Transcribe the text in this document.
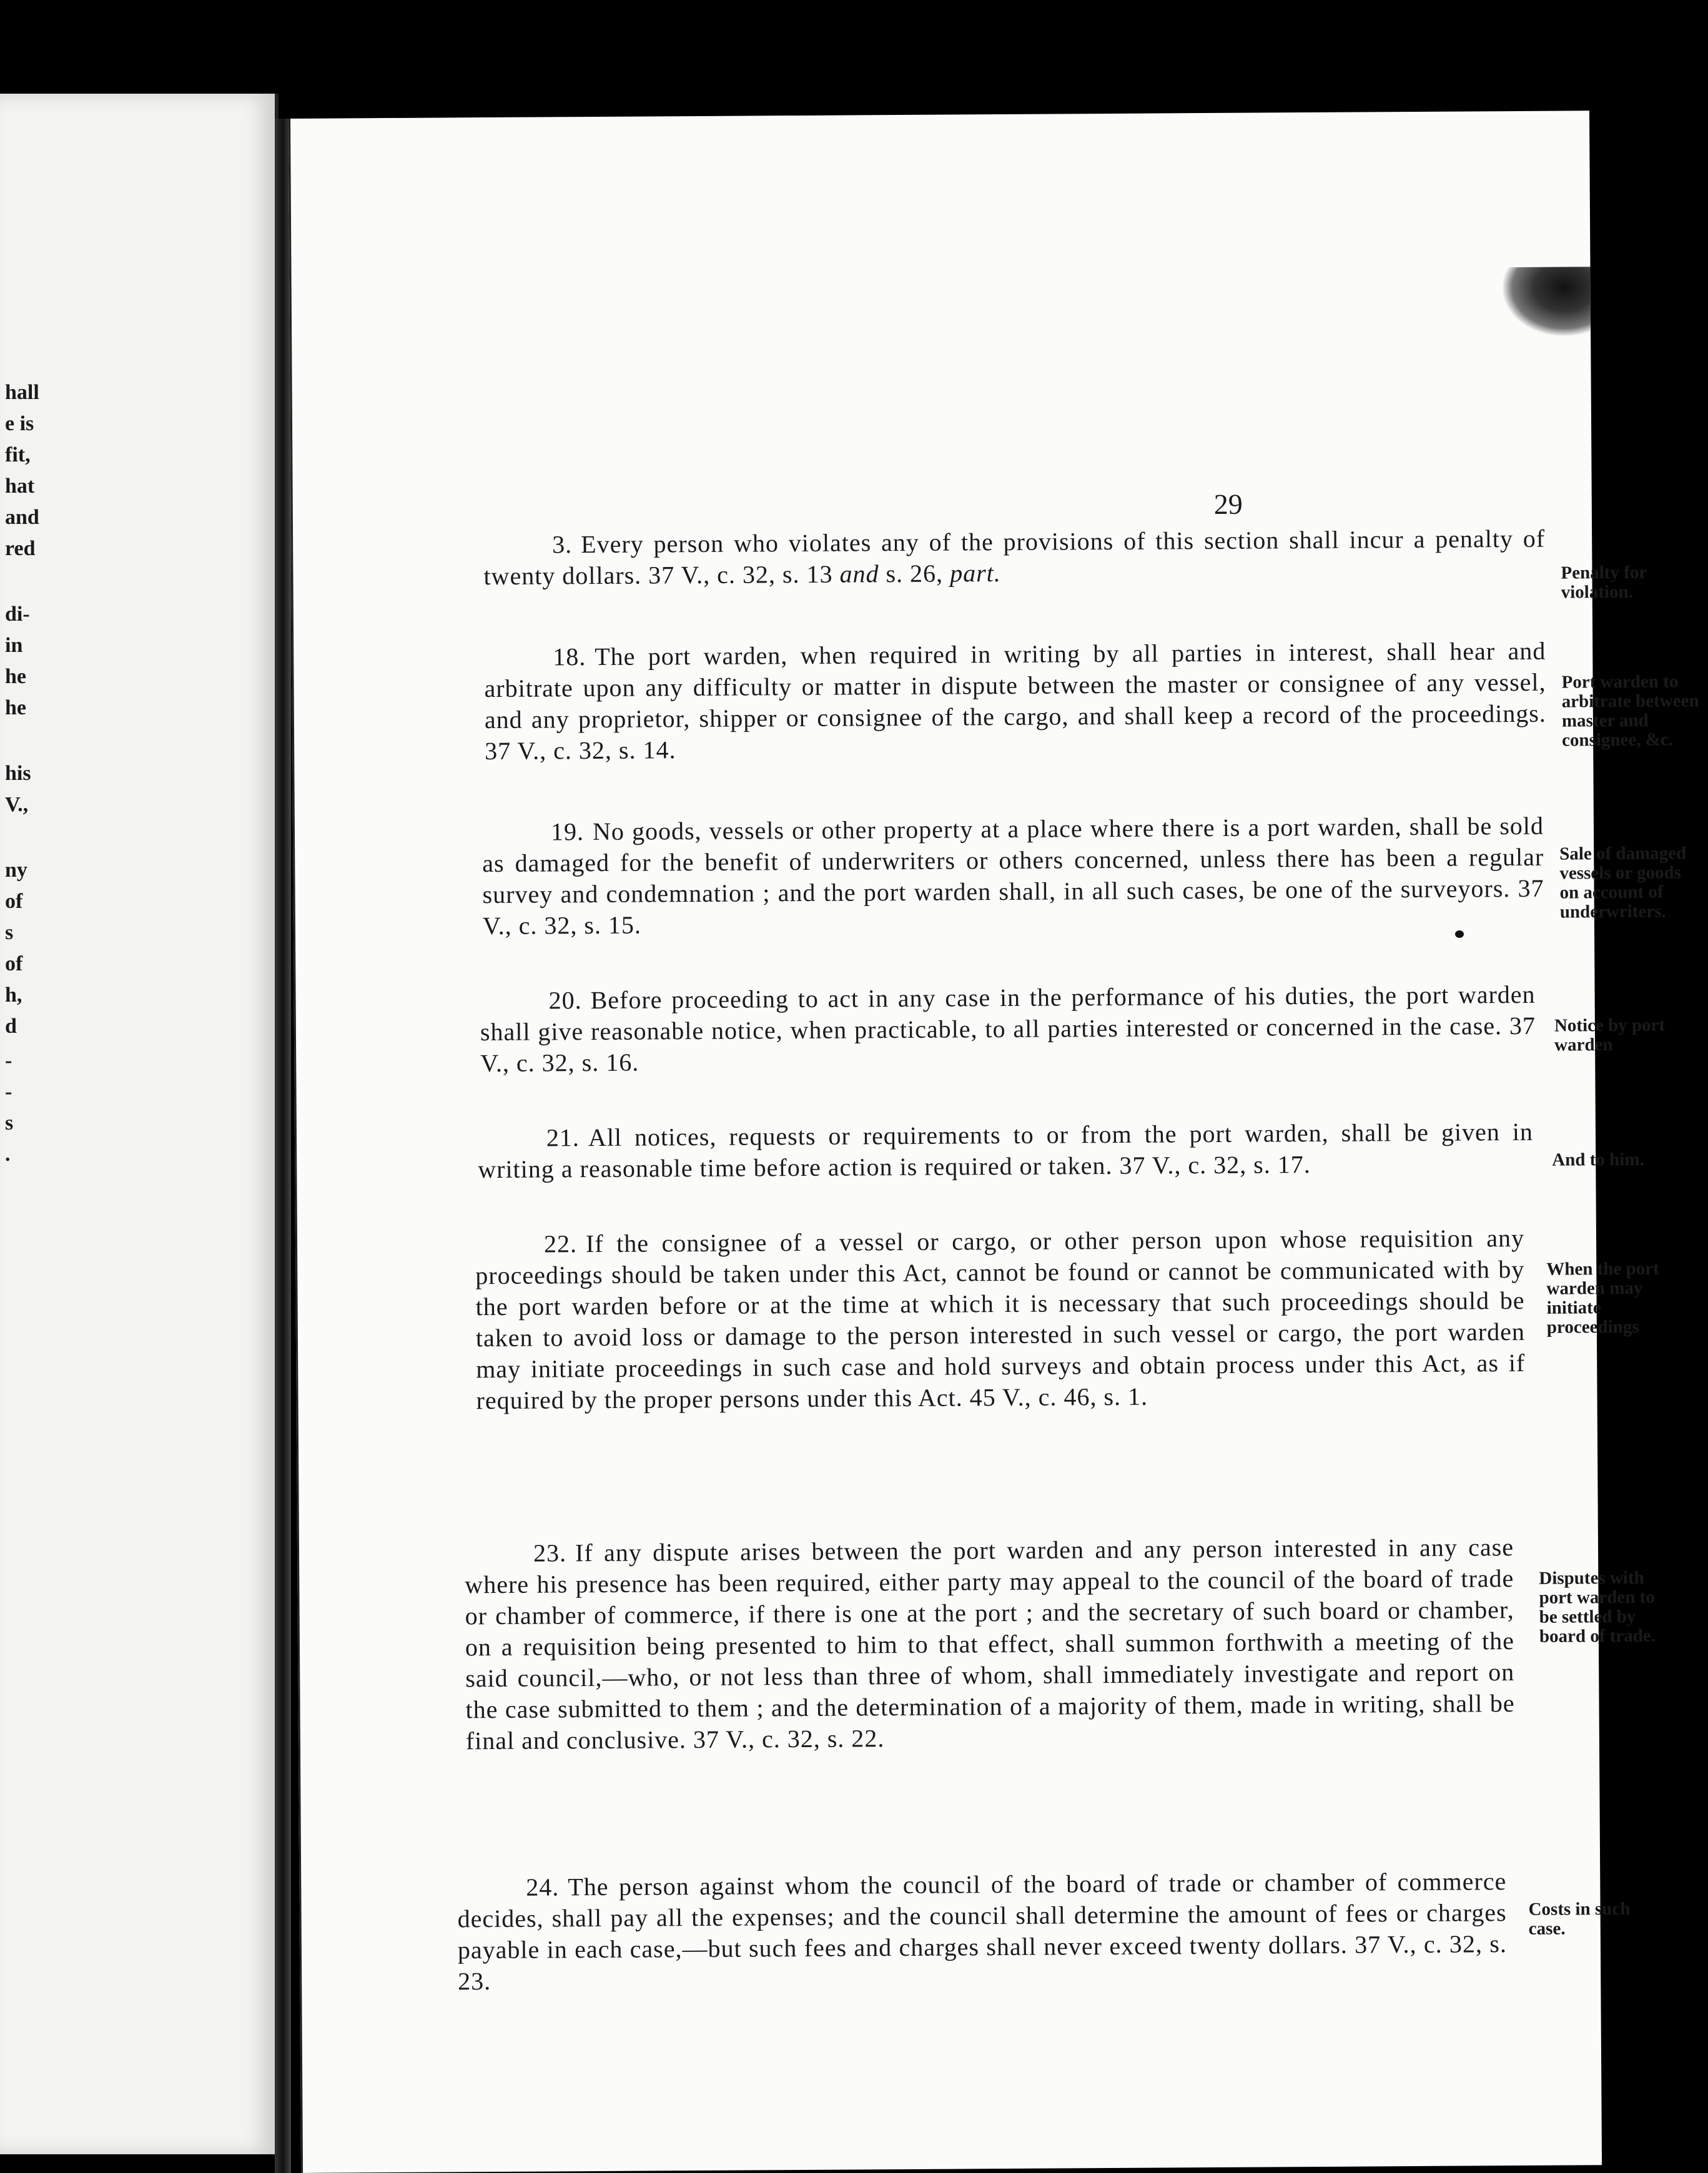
hall
e is
fit,
hat
and
red
di-
in
he
he
his
V.,
ny
of
s
of
h,
d
-
-
s
.
29
3. Every person who violates any of the provisions of this section shall incur a penalty of twenty dollars. 37 V., c. 32, s. 13 and s. 26, part.	Penalty for violation.
18. The port warden, when required in writing by all parties in interest, shall hear and arbitrate upon any difficulty or matter in dispute between the master or consignee of any vessel, and any proprietor, shipper or consignee of the cargo, and shall keep a record of the proceedings. 37 V., c. 32, s. 14.
Port warden to arbitrate between master and consignee, &c.
19. No goods, vessels or other property at a place where there is a port warden, shall be sold as damaged for the benefit of underwriters or others concerned, unless there has been a regular survey and condemnation ; and the port warden shall, in all such cases, be one of the surveyors. 37 V., c. 32, s. 15.
Sale of damaged vessels or goods on account of underwriters.
20. Before proceeding to act in any case in the performance of his duties, the port warden shall give reasonable notice, when practicable, to all parties interested or concerned in the case. 37 V., c. 32, s. 16.
Notice by port warden
21. All notices, requests or requirements to or from the port warden, shall be given in writing a reasonable time before action is required or taken. 37 V., c. 32, s. 17.	And to him.
22. If the consignee of a vessel or cargo, or other person upon whose requisition any proceedings should be taken under this Act, cannot be found or cannot be communicated with by the port warden before or at the time at which it is necessary that such proceedings should be taken to avoid loss or damage to the person interested in such vessel or cargo, the port warden may initiate proceedings in such case and hold surveys and obtain process under this Act, as if required by the proper persons under this Act. 45 V., c. 46, s. 1.
When the port warden may initiate proceedings
23. If any dispute arises between the port warden and any person interested in any case where his presence has been required, either party may appeal to the council of the board of trade or chamber of commerce, if there is one at the port ; and the secretary of such board or chamber, on a requisition being presented to him to that effect, shall summon forthwith a meeting of the said council,—who, or not less than three of whom, shall immediately investigate and report on the case submitted to them ; and the determination of a majority of them, made in writing, shall be final and conclusive. 37 V., c. 32, s. 22.
Disputes with port warden to be settled by board of trade.
24. The person against whom the council of the board of trade or chamber of commerce decides, shall pay all the expenses; and the council shall determine the amount of fees or charges payable in each case,—but such fees and charges shall never exceed twenty dollars. 37 V., c. 32, s. 23.
Costs in such case.
